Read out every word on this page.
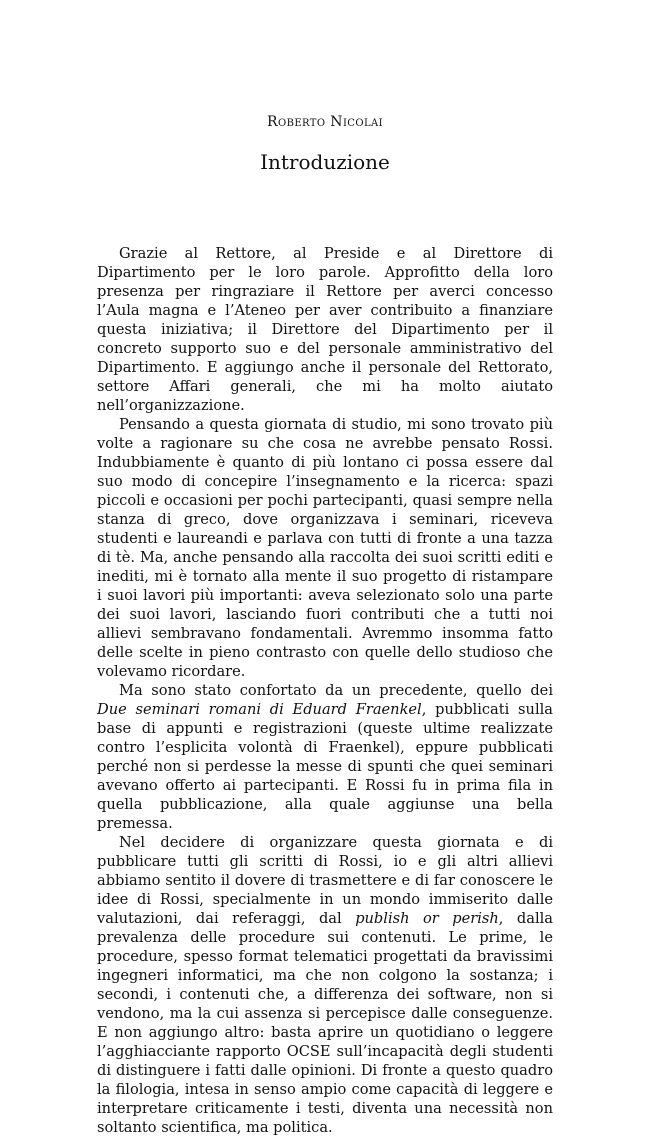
Roberto Nicolai
Introduzione

Grazie al Rettore, al Preside e al Direttore di Dipartimento per le loro parole. Approfitto della loro presenza per ringraziare il Rettore per averci concesso l’Aula magna e l’Ateneo per aver contribuito a finanziare questa iniziativa; il Direttore del Dipartimento per il concreto supporto suo e del personale amministrativo del Dipartimento. E aggiungo anche il personale del Rettorato, settore Affari generali, che mi ha molto aiutato nell’organizzazione.

Pensando a questa giornata di studio, mi sono trovato più volte a ragionare su che cosa ne avrebbe pensato Rossi. Indubbiamente è quanto di più lontano ci possa essere dal suo modo di concepire l’insegnamento e la ricerca: spazi piccoli e occasioni per pochi partecipanti, quasi sempre nella stanza di greco, dove organizzava i seminari, riceveva studenti e laureandi e parlava con tutti di fronte a una tazza di tè. Ma, anche pensando alla raccolta dei suoi scritti editi e inediti, mi è tornato alla mente il suo progetto di ristampare i suoi lavori più importanti: aveva selezionato solo una parte dei suoi lavori, lasciando fuori contributi che a tutti noi allievi sembravano fondamentali. Avremmo insomma fatto delle scelte in pieno contrasto con quelle dello studioso che volevamo ricordare.

Ma sono stato confortato da un precedente, quello dei Due seminari romani di Eduard Fraenkel, pubblicati sulla base di appunti e registrazioni (queste ultime realizzate contro l’esplicita volontà di Fraenkel), eppure pubblicati perché non si perdesse la messe di spunti che quei seminari avevano offerto ai partecipanti. E Rossi fu in prima fila in quella pubblicazione, alla quale aggiunse una bella premessa.

Nel decidere di organizzare questa giornata e di pubblicare tutti gli scritti di Rossi, io e gli altri allievi abbiamo sentito il dovere di trasmettere e di far conoscere le idee di Rossi, specialmente in un mondo immiserito dalle valutazioni, dai referaggi, dal publish or perish, dalla prevalenza delle procedure sui contenuti. Le prime, le procedure, spesso format telematici progettati da bravissimi ingegneri informatici, ma che non colgono la sostanza; i secondi, i contenuti che, a differenza dei software, non si vendono, ma la cui assenza si percepisce dalle conseguenze. E non aggiungo altro: basta aprire un quotidiano o leggere l’agghiacciante rapporto OCSE sull’incapacità degli studenti di distinguere i fatti dalle opinioni. Di fronte a questo quadro la filologia, intesa in senso ampio come capacità di leggere e interpretare criticamente i testi, diventa una necessità non soltanto scientifica, ma politica.
